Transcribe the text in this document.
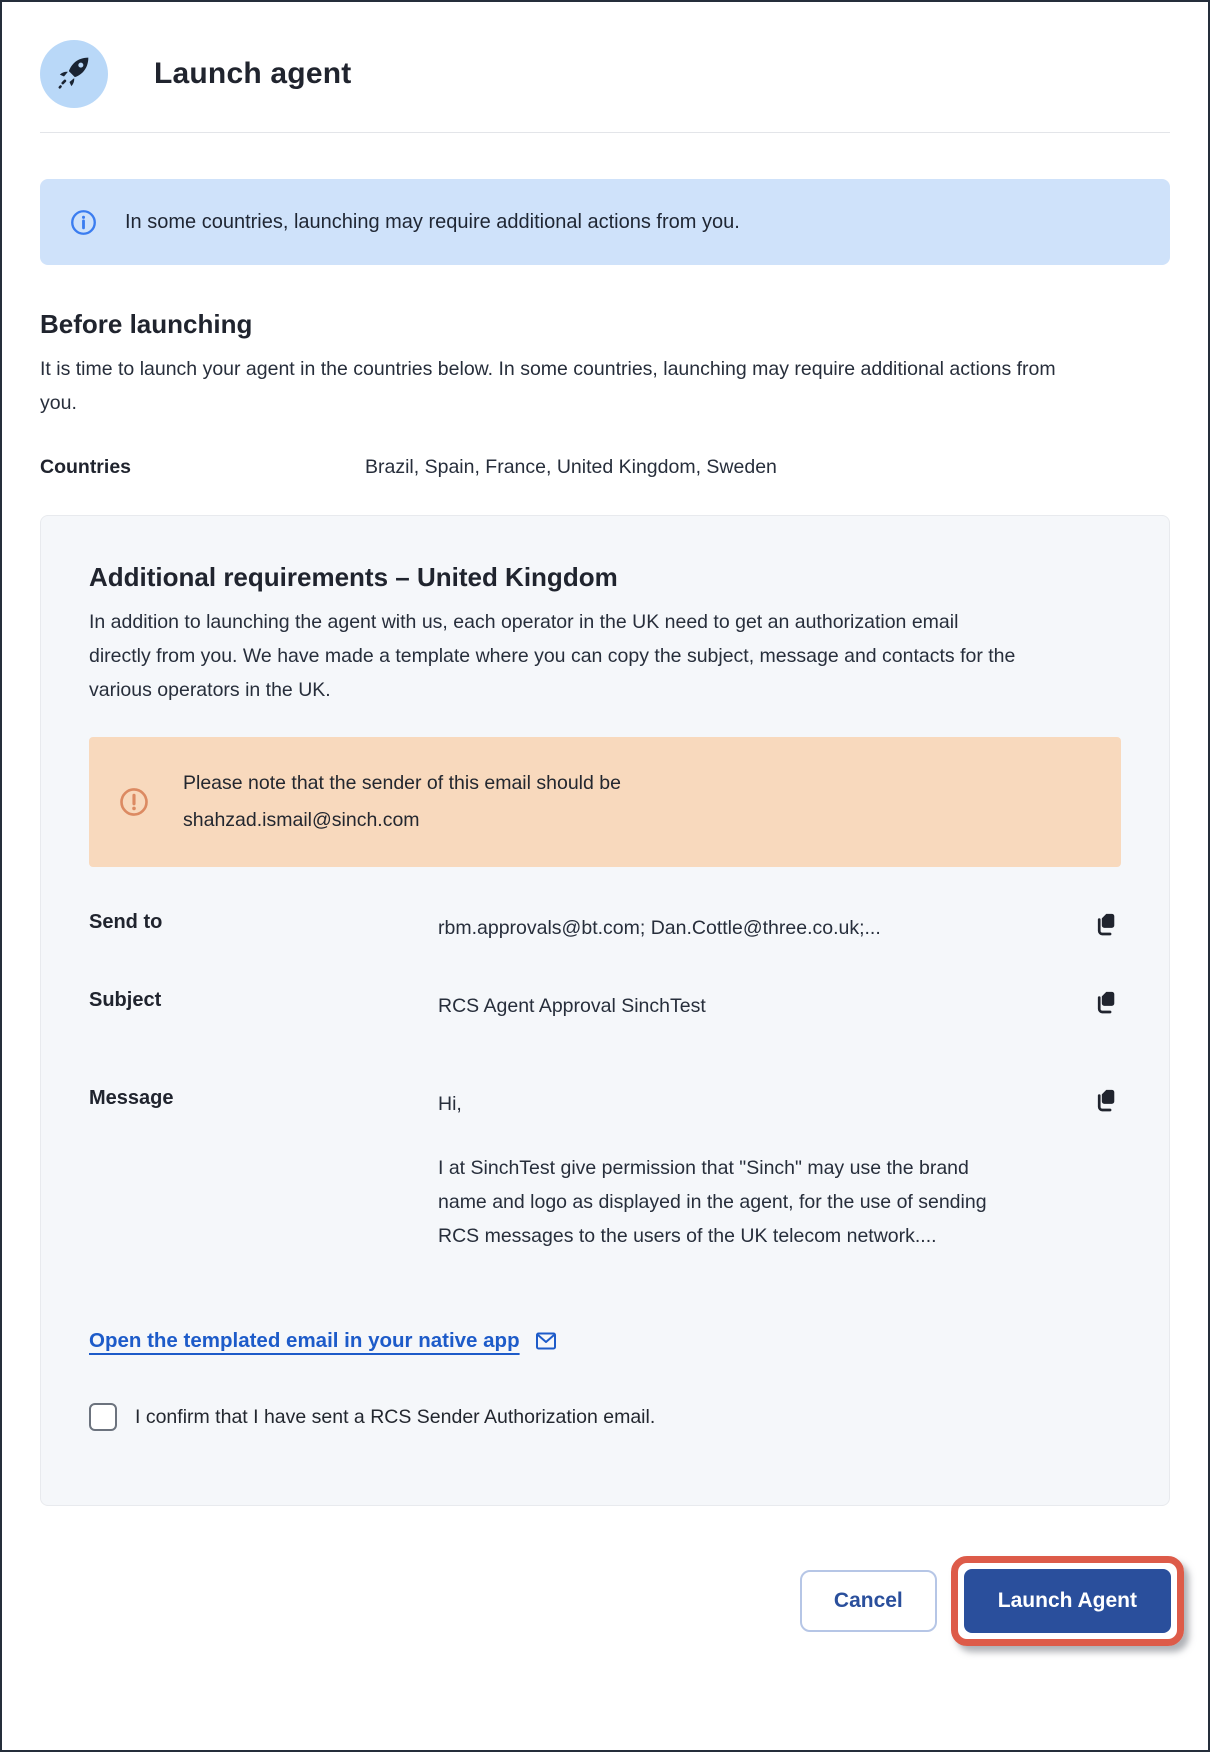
Launch agent
In some countries, launching may require additional actions from you.
Before launching

It is time to launch your agent in the countries below. In some countries, launching may require additional actions from you.

Countries	Brazil, Spain, France, United Kingdom, Sweden
Additional requirements – United Kingdom

In addition to launching the agent with us, each operator in the UK need to get an authorization email directly from you. We have made a template where you can copy the subject, message and contacts for the various operators in the UK.

Please note that the sender of this email should be
shahzad.ismail@sinch.com
Send to	rbm.approvals@bt.com; Dan.Cottle@three.co.uk;...
Subject	RCS Agent Approval SinchTest
Message	Hi,
I at SinchTest give permission that "Sinch" may use the brand name and logo as displayed in the agent, for the use of sending RCS messages to the users of the UK telecom network....
Open the templated email in your native app
I confirm that I have sent a RCS Sender Authorization email.
Cancel	Launch Agent
